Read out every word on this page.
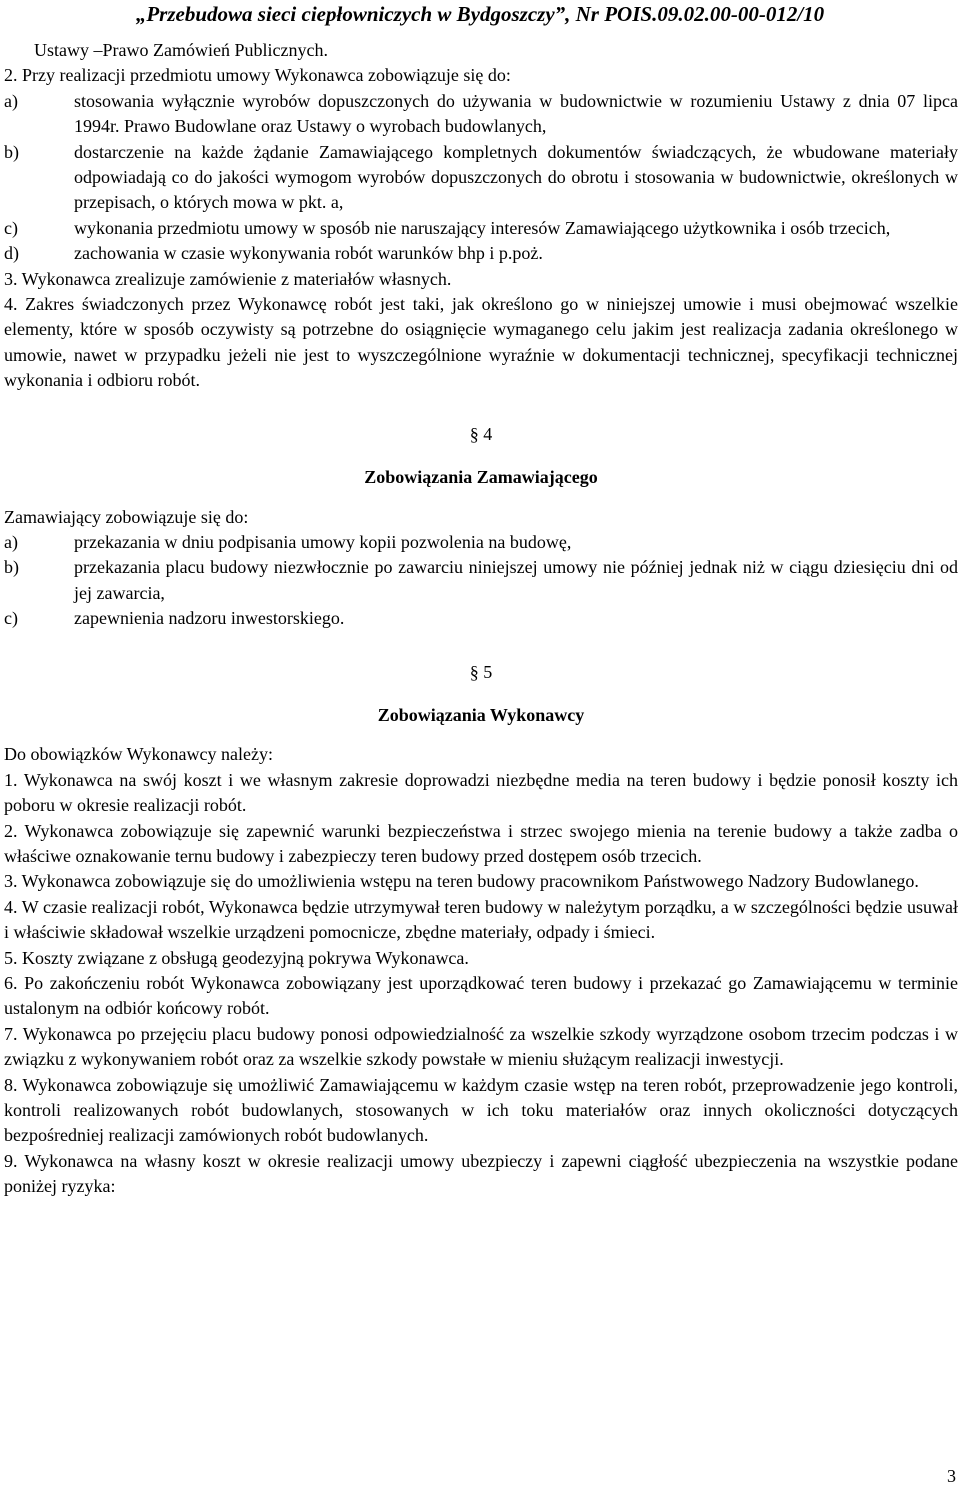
„Przebudowa sieci ciepłowniczych w Bydgoszczy”, Nr POIS.09.02.00-00-012/10

Ustawy –Prawo Zamówień Publicznych.

2. Przy realizacji przedmiotu umowy Wykonawca zobowiązuje się do:

a)	stosowania wyłącznie wyrobów dopuszczonych do używania w budownictwie w rozumieniu Ustawy z dnia 07 lipca 1994r. Prawo Budowlane oraz Ustawy o wyrobach budowlanych,
b)	dostarczenie na każde żądanie Zamawiającego kompletnych dokumentów świadczących, że wbudowane materiały odpowiadają co do jakości wymogom wyrobów dopuszczonych do obrotu i stosowania w budownictwie, określonych w przepisach, o których mowa w pkt. a,
c)	wykonania przedmiotu umowy w sposób nie naruszający interesów Zamawiającego użytkownika i osób trzecich,
d)	zachowania w czasie wykonywania robót warunków bhp i p.poż.

3. Wykonawca zrealizuje zamówienie z materiałów własnych.

4. Zakres świadczonych przez Wykonawcę robót jest taki, jak określono go w niniejszej umowie i musi obejmować wszelkie elementy, które w sposób oczywisty są potrzebne do osiągnięcie wymaganego celu jakim jest realizacja zadania określonego w umowie, nawet w przypadku jeżeli nie jest to wyszczególnione wyraźnie w dokumentacji technicznej, specyfikacji technicznej wykonania i odbioru robót.

§ 4
Zobowiązania Zamawiającego

Zamawiający zobowiązuje się do:

a)	przekazania w dniu podpisania umowy kopii pozwolenia na budowę,
b)	przekazania placu budowy niezwłocznie po zawarciu niniejszej umowy nie później jednak niż w ciągu dziesięciu dni od jej zawarcia,
c)	zapewnienia nadzoru inwestorskiego.
§ 5
Zobowiązania Wykonawcy

Do obowiązków Wykonawcy należy:

1. Wykonawca na swój koszt i we własnym zakresie doprowadzi niezbędne media na teren budowy i będzie ponosił koszty ich poboru w okresie realizacji robót.

2. Wykonawca zobowiązuje się zapewnić warunki bezpieczeństwa i strzec swojego mienia na terenie budowy a także zadba o właściwe oznakowanie ternu budowy i zabezpieczy teren budowy przed dostępem osób trzecich.

3. Wykonawca zobowiązuje się do umożliwienia wstępu na teren budowy pracownikom Państwowego Nadzory Budowlanego.

4. W czasie realizacji robót, Wykonawca będzie utrzymywał teren budowy w należytym porządku, a w szczególności będzie usuwał i właściwie składował wszelkie urządzeni pomocnicze, zbędne materiały, odpady i śmieci.

5. Koszty związane z obsługą geodezyjną pokrywa Wykonawca.

6. Po zakończeniu robót Wykonawca zobowiązany jest uporządkować teren budowy i przekazać go Zamawiającemu w terminie ustalonym na odbiór końcowy robót.

7. Wykonawca po przejęciu placu budowy ponosi odpowiedzialność za wszelkie szkody wyrządzone osobom trzecim podczas i w związku z wykonywaniem robót oraz za wszelkie szkody powstałe w mieniu służącym realizacji inwestycji.

8. Wykonawca zobowiązuje się umożliwić Zamawiającemu w każdym czasie wstęp na teren robót, przeprowadzenie jego kontroli, kontroli realizowanych robót budowlanych, stosowanych w ich toku materiałów oraz innych okoliczności dotyczących bezpośredniej realizacji zamówionych robót budowlanych.

9. Wykonawca na własny koszt w okresie realizacji umowy ubezpieczy i zapewni ciągłość ubezpieczenia na wszystkie podane poniżej ryzyka:

3
